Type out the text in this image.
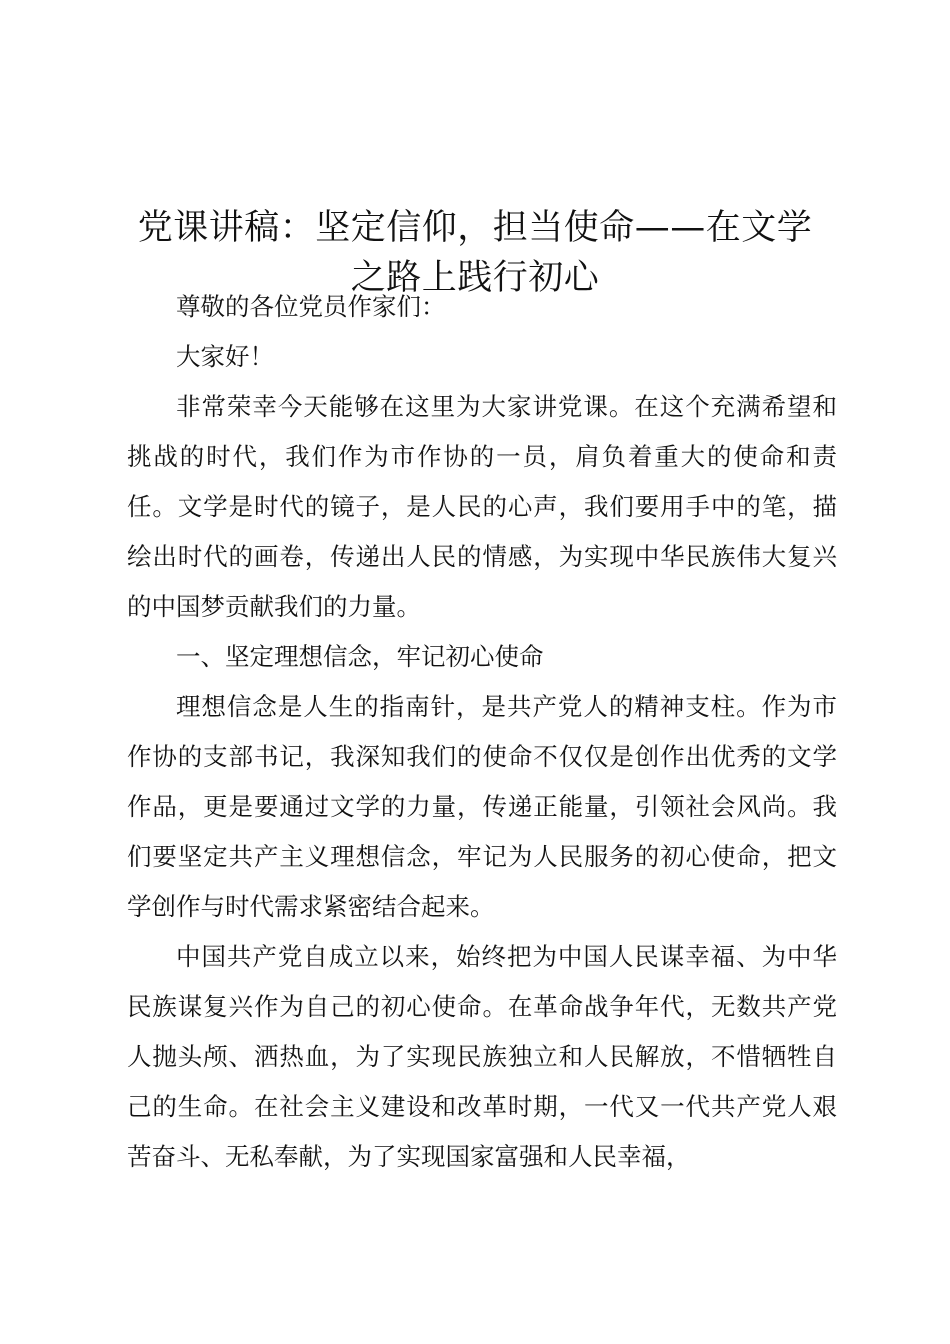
党课讲稿：坚定信仰，担当使命——在文学
之路上践行初心

尊敬的各位党员作家们：

大家好！

非常荣幸今天能够在这里为大家讲党课。在这个充满希望和挑战的时代，我们作为市作协的一员，肩负着重大的使命和责任。文学是时代的镜子，是人民的心声，我们要用手中的笔，描绘出时代的画卷，传递出人民的情感，为实现中华民族伟大复兴的中国梦贡献我们的力量。

一、坚定理想信念，牢记初心使命

理想信念是人生的指南针，是共产党人的精神支柱。作为市作协的支部书记，我深知我们的使命不仅仅是创作出优秀的文学作品，更是要通过文学的力量，传递正能量，引领社会风尚。我们要坚定共产主义理想信念，牢记为人民服务的初心使命，把文学创作与时代需求紧密结合起来。

中国共产党自成立以来，始终把为中国人民谋幸福、为中华民族谋复兴作为自己的初心使命。在革命战争年代，无数共产党人抛头颅、洒热血，为了实现民族独立和人民解放，不惜牺牲自己的生命。在社会主义建设和改革时期，一代又一代共产党人艰苦奋斗、无私奉献，为了实现国家富强和人民幸福，
